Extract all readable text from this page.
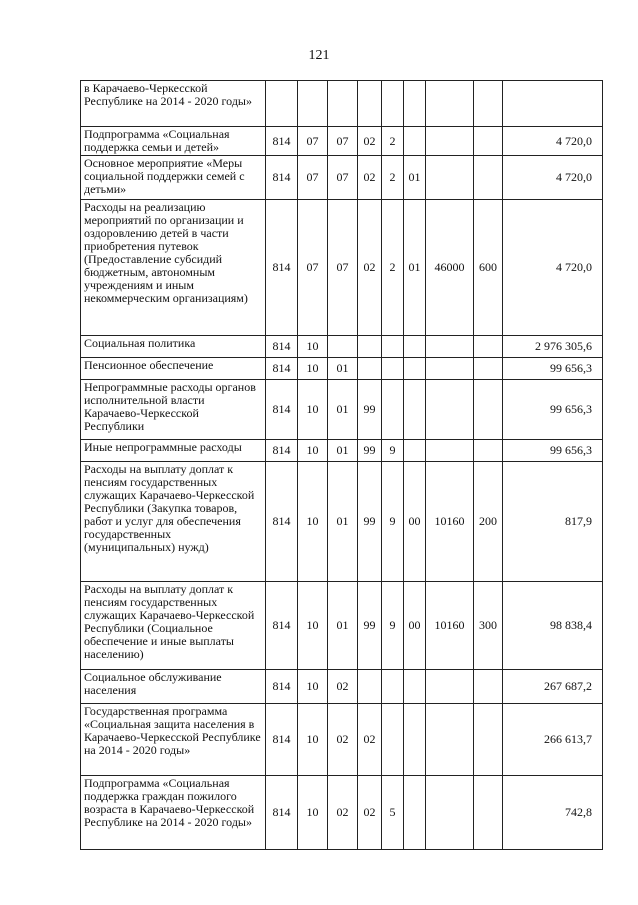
121
в Карачаево-Черкесской Республике на 2014 - 2020 годы»									
Подпрограмма «Социальная поддержка семьи и детей»	814	07	07	02	2				4 720,0
Основное мероприятие «Меры социальной поддержки семей с детьми»	814	07	07	02	2	01			4 720,0
Расходы на реализацию мероприятий по организации и оздоровлению детей в части приобретения путевок (Предоставление субсидий бюджетным, автономным учреждениям и иным некоммерческим организациям)	814	07	07	02	2	01	46000	600	4 720,0
Социальная политика	814	10							2 976 305,6
Пенсионное обеспечение	814	10	01						99 656,3
Непрограммные расходы органов исполнительной власти Карачаево-Черкесской Республики	814	10	01	99					99 656,3
Иные непрограммные расходы	814	10	01	99	9				99 656,3
Расходы на выплату доплат к пенсиям государственных служащих Карачаево-Черкесской Республики (Закупка товаров, работ и услуг для обеспечения государственных (муниципальных) нужд)	814	10	01	99	9	00	10160	200	817,9
Расходы на выплату доплат к пенсиям государственных служащих Карачаево-Черкесской Республики (Социальное обеспечение и иные выплаты населению)	814	10	01	99	9	00	10160	300	98 838,4
Социальное обслуживание населения	814	10	02						267 687,2
Государственная программа «Социальная защита населения в Карачаево-Черкесской Республике на 2014 - 2020 годы»	814	10	02	02					266 613,7
Подпрограмма «Социальная поддержка граждан пожилого возраста в Карачаево-Черкесской Республике на 2014 - 2020 годы»	814	10	02	02	5				742,8
